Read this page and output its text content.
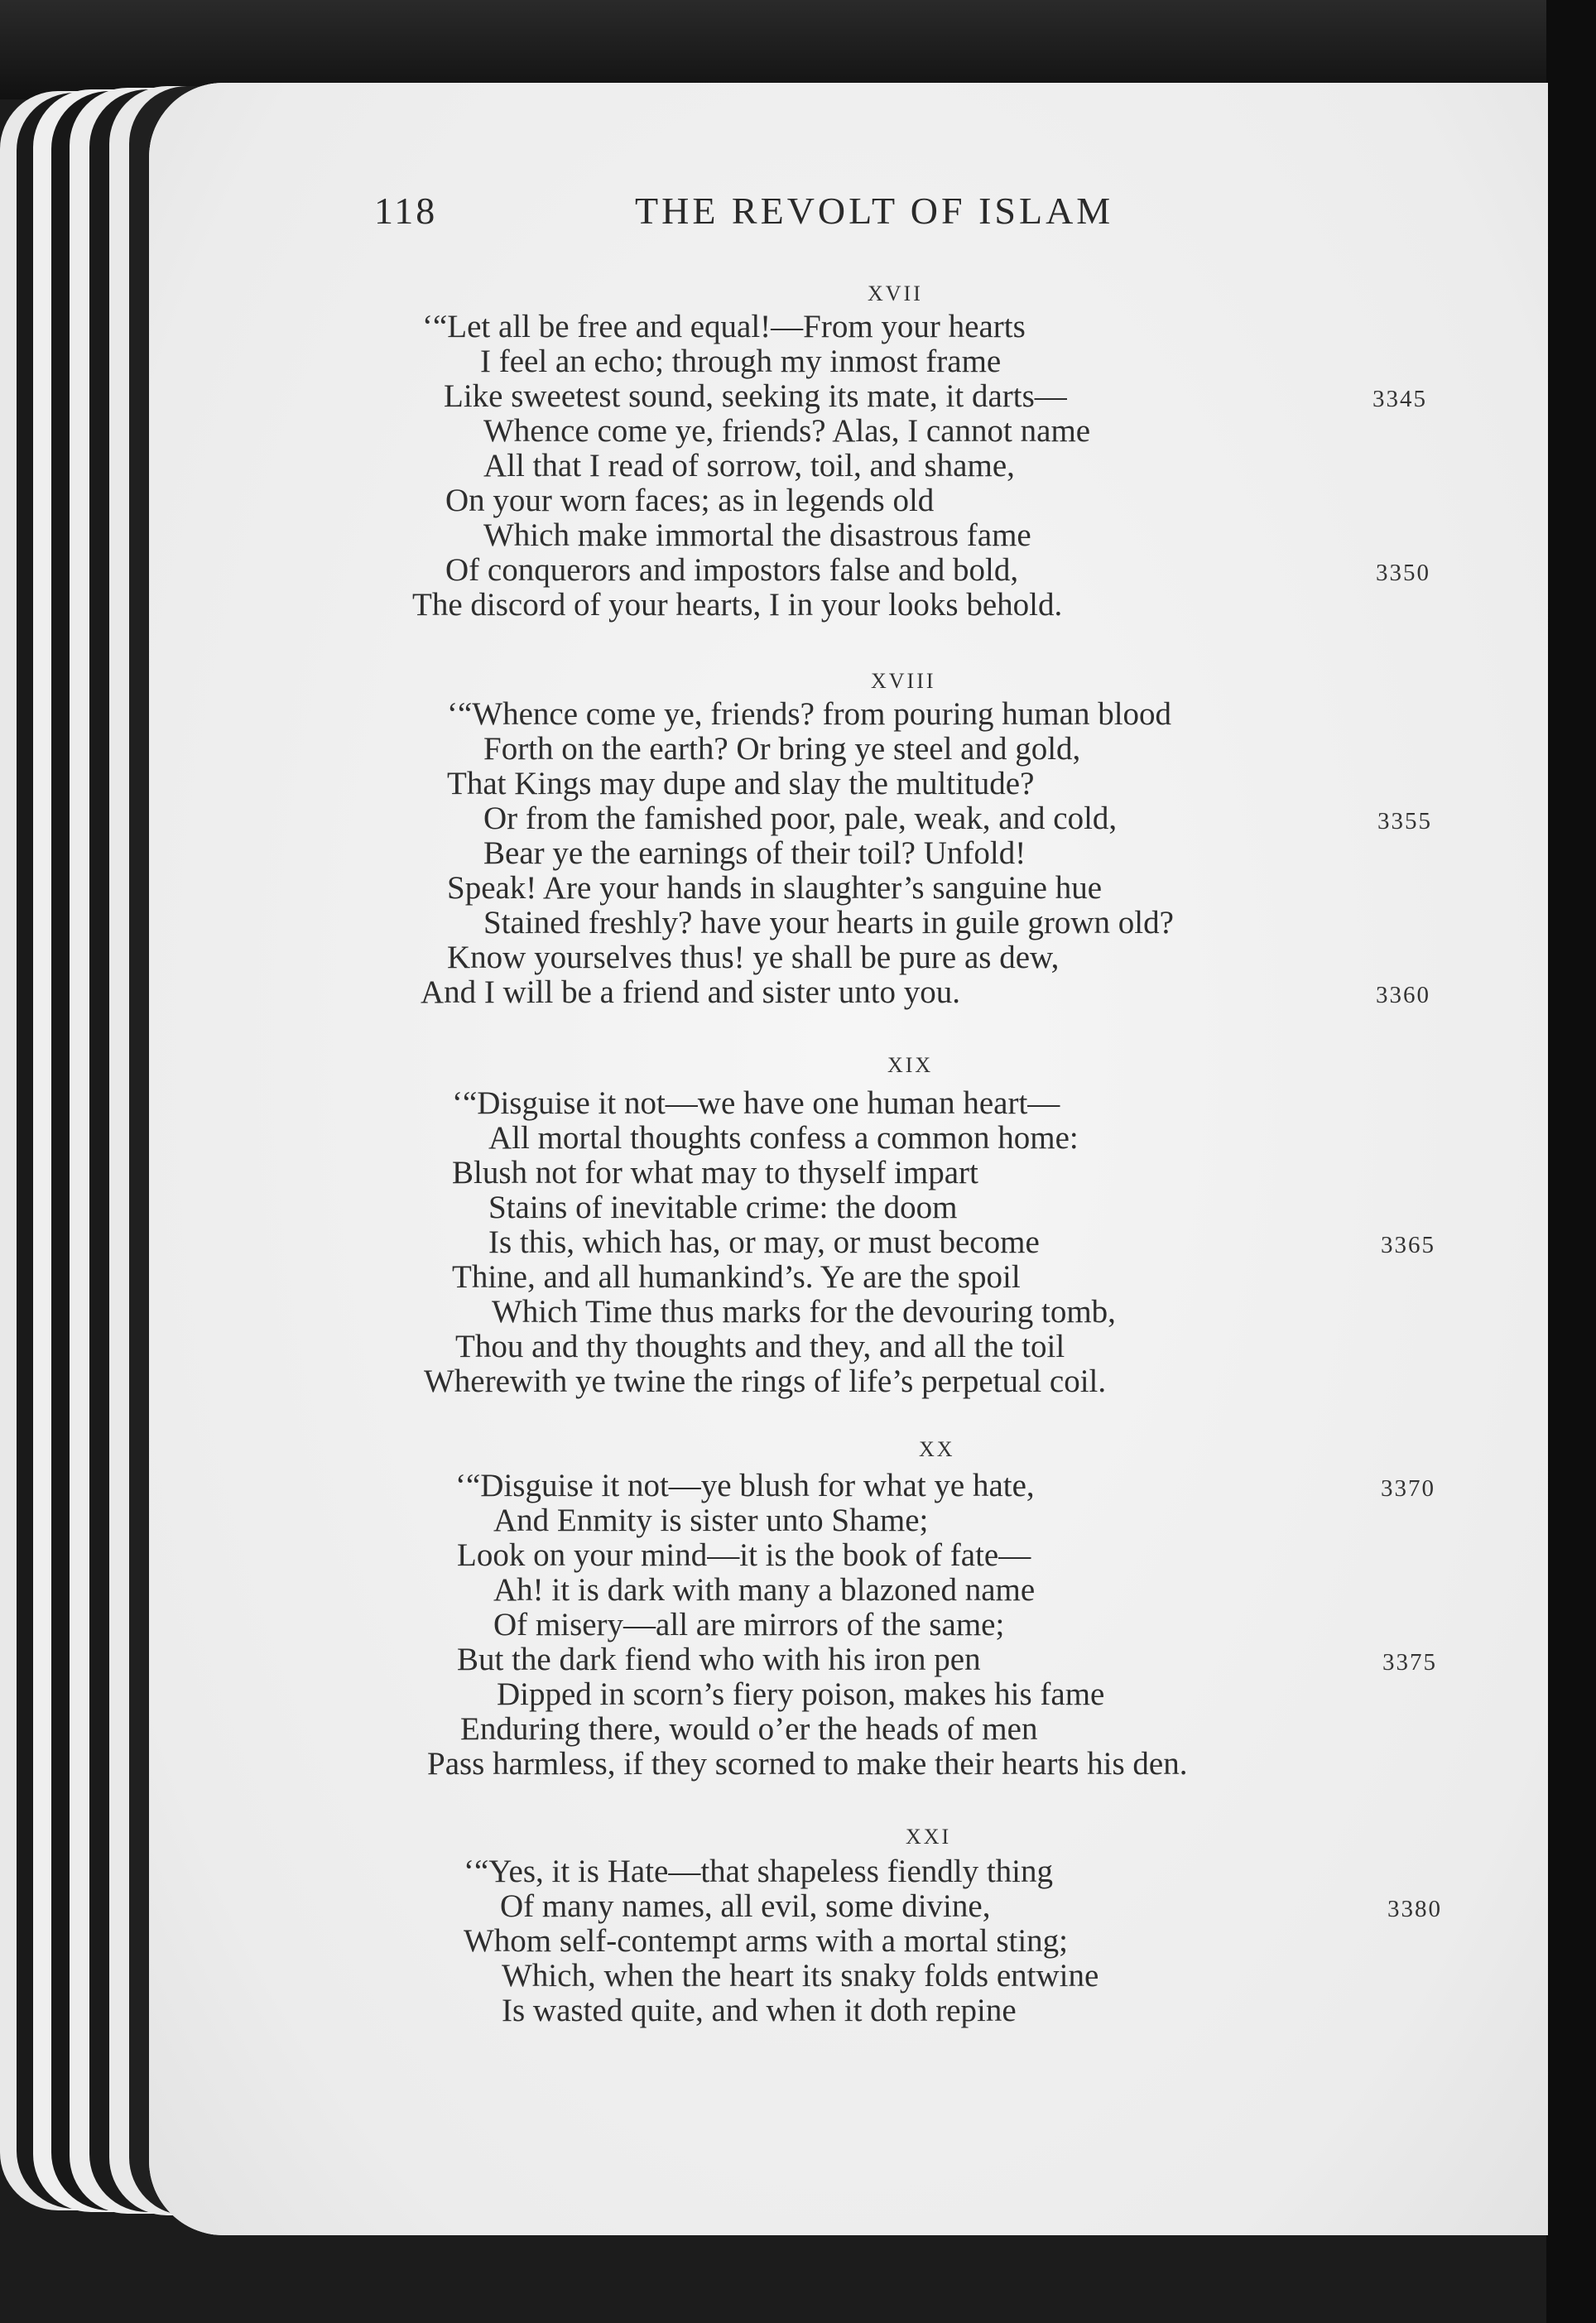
118	THE REVOLT OF ISLAM
XVII
‘“Let all be free and equal!—From your hearts
I feel an echo; through my inmost frame
Like sweetest sound, seeking its mate, it darts—	3345
Whence come ye, friends? Alas, I cannot name
All that I read of sorrow, toil, and shame,
On your worn faces; as in legends old
Which make immortal the disastrous fame
Of conquerors and impostors false and bold,	3350
The discord of your hearts, I in your looks behold.
XVIII
‘“Whence come ye, friends? from pouring human blood
Forth on the earth? Or bring ye steel and gold,
That Kings may dupe and slay the multitude?
Or from the famished poor, pale, weak, and cold,	3355
Bear ye the earnings of their toil? Unfold!
Speak! Are your hands in slaughter’s sanguine hue
Stained freshly? have your hearts in guile grown old?
Know yourselves thus! ye shall be pure as dew,
And I will be a friend and sister unto you.	3360
XIX
‘“Disguise it not—we have one human heart—
All mortal thoughts confess a common home:
Blush not for what may to thyself impart
Stains of inevitable crime: the doom
Is this, which has, or may, or must become	3365
Thine, and all humankind’s. Ye are the spoil
Which Time thus marks for the devouring tomb,
Thou and thy thoughts and they, and all the toil
Wherewith ye twine the rings of life’s perpetual coil.
XX
‘“Disguise it not—ye blush for what ye hate,	3370
And Enmity is sister unto Shame;
Look on your mind—it is the book of fate—
Ah! it is dark with many a blazoned name
Of misery—all are mirrors of the same;
But the dark fiend who with his iron pen	3375
Dipped in scorn’s fiery poison, makes his fame
Enduring there, would o’er the heads of men
Pass harmless, if they scorned to make their hearts his den.
XXI
‘“Yes, it is Hate—that shapeless fiendly thing
Of many names, all evil, some divine,	3380
Whom self-contempt arms with a mortal sting;
Which, when the heart its snaky folds entwine
Is wasted quite, and when it doth repine
